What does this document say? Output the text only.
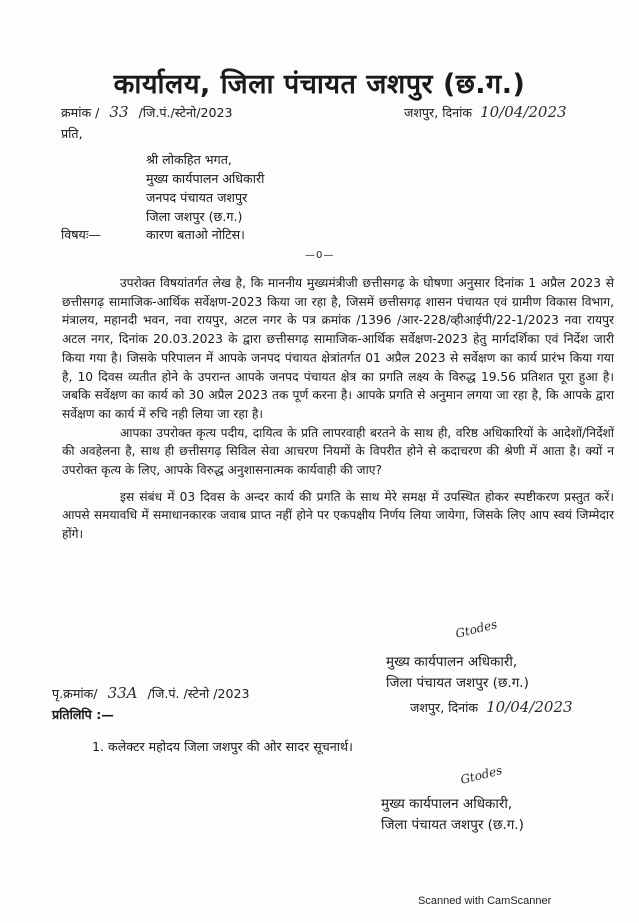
कार्यालय, जिला पंचायत जशपुर (छ.ग.)
क्रमांक / 33 /जि.पं./स्टेनो/2023	जशपुर, दिनांक 10/04/2023
प्रति,
श्री लोकहित भगत,
मुख्य कार्यपालन अधिकारी
जनपद पंचायत जशपुर
जिला जशपुर (छ.ग.)
विषयः—	कारण बताओ नोटिस।
—0—

उपरोक्त विषयांतर्गत लेख है, कि माननीय मुख्यमंत्रीजी छत्तीसगढ़ के घोषणा अनुसार दिनांक 1 अप्रैल 2023 से छत्तीसगढ़ सामाजिक-आर्थिक सर्वेक्षण-2023 किया जा रहा है, जिसमें छत्तीसगढ़ शासन पंचायत एवं ग्रामीण विकास विभाग, मंत्रालय, महानदी भवन, नवा रायपुर, अटल नगर के पत्र क्रमांक /1396 /आर-228/व्हीआईपी/22-1/2023 नवा रायपुर अटल नगर, दिनांक 20.03.2023 के द्वारा छत्तीसगढ़ सामाजिक-आर्थिक सर्वेक्षण-2023 हेतु मार्गदर्शिका एवं निर्देश जारी किया गया है। जिसके परिपालन में आपके जनपद पंचायत क्षेत्रांतर्गत 01 अप्रैल 2023 से सर्वेक्षण का कार्य प्रारंभ किया गया है, 10 दिवस व्यतीत होने के उपरान्त आपके जनपद पंचायत क्षेत्र का प्रगति लक्ष्य के विरुद्ध 19.56 प्रतिशत पूरा हुआ है। जबकि सर्वेक्षण का कार्य को 30 अप्रैल 2023 तक पूर्ण करना है। आपके प्रगति से अनुमान लगया जा रहा है, कि आपके द्वारा सर्वेक्षण का कार्य में रुचि नही लिया जा रहा है।

आपका उपरोक्त कृत्य पदीय, दायित्व के प्रति लापरवाही बरतने के साथ ही, वरिष्ठ अधिकारियों के आदेशों/निर्देशों की अवहेलना है, साथ ही छत्तीसगढ़ सिविल सेवा आचरण नियमों के विपरीत होने से कदाचरण की श्रेणी में आता है। क्यों न उपरोक्त कृत्य के लिए, आपके विरुद्ध अनुशासनात्मक कार्यवाही की जाए?

इस संबंध में 03 दिवस के अन्दर कार्य की प्रगति के साथ मेरे समक्ष में उपस्थित होकर स्पष्टीकरण प्रस्तुत करें। आपसे समयावधि में समाधानकारक जवाब प्राप्त नहीं होने पर एकपक्षीय निर्णय लिया जायेगा, जिसके लिए आप स्वयं जिम्मेदार होंगे।

Gtodes
मुख्य कार्यपालन अधिकारी,
जिला पंचायत जशपुर (छ.ग.)
पृ.क्रमांक/ 33A /जि.पं. /स्टेनो /2023
जशपुर, दिनांक 10/04/2023
प्रतिलिपि :—
1. कलेक्टर महोदय जिला जशपुर की ओर सादर सूचनार्थ।
Gtodes
मुख्य कार्यपालन अधिकारी,
जिला पंचायत जशपुर (छ.ग.)
Scanned with CamScanner
